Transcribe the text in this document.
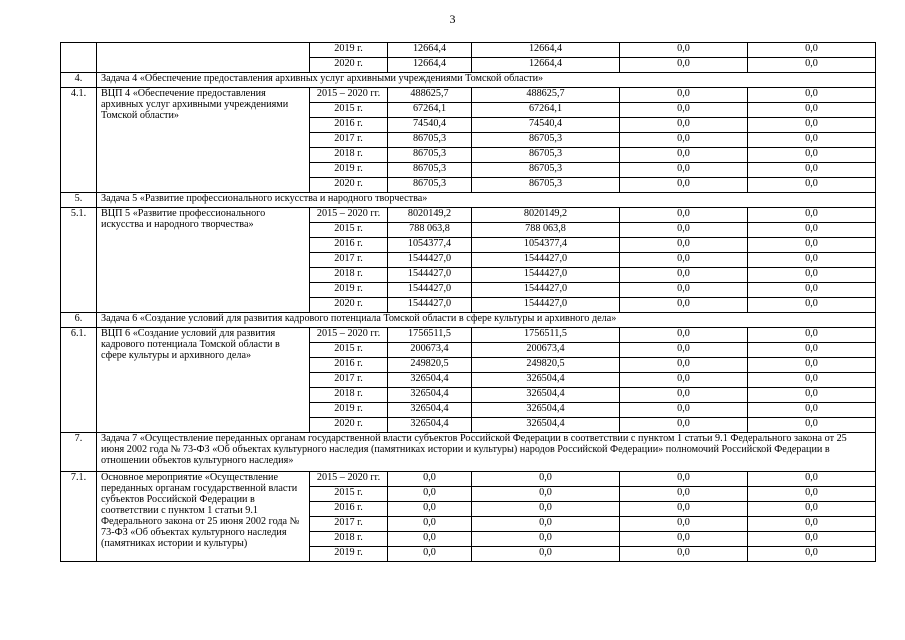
3
		2019 г.	12664,4	12664,4	0,0	0,0
		2020 г.	12664,4	12664,4	0,0	0,0
4.	Задача 4 «Обеспечение предоставления архивных услуг архивными учреждениями Томской области»					
4.1.	ВЦП 4 «Обеспечение предоставления архивных услуг архивными учреждениями Томской области»	2015 – 2020 гг.	488625,7	488625,7	0,0	0,0
		2015 г.	67264,1	67264,1	0,0	0,0
		2016 г.	74540,4	74540,4	0,0	0,0
		2017 г.	86705,3	86705,3	0,0	0,0
		2018 г.	86705,3	86705,3	0,0	0,0
		2019 г.	86705,3	86705,3	0,0	0,0
		2020 г.	86705,3	86705,3	0,0	0,0
5.	Задача 5 «Развитие профессионального искусства и народного творчества»					
5.1.	ВЦП 5 «Развитие профессионального искусства и народного творчества»	2015 – 2020 гг.	8020149,2	8020149,2	0,0	0,0
		2015 г.	788 063,8	788 063,8	0,0	0,0
		2016 г.	1054377,4	1054377,4	0,0	0,0
		2017 г.	1544427,0	1544427,0	0,0	0,0
		2018 г.	1544427,0	1544427,0	0,0	0,0
		2019 г.	1544427,0	1544427,0	0,0	0,0
		2020 г.	1544427,0	1544427,0	0,0	0,0
6.	Задача 6 «Создание условий для развития кадрового потенциала Томской области в сфере культуры и архивного дела»					
6.1.	ВЦП 6 «Создание условий для развития кадрового потенциала Томской области в сфере культуры и архивного дела»	2015 – 2020 гг.	1756511,5	1756511,5	0,0	0,0
		2015 г.	200673,4	200673,4	0,0	0,0
		2016 г.	249820,5	249820,5	0,0	0,0
		2017 г.	326504,4	326504,4	0,0	0,0
		2018 г.	326504,4	326504,4	0,0	0,0
		2019 г.	326504,4	326504,4	0,0	0,0
		2020 г.	326504,4	326504,4	0,0	0,0
7.	Задача 7 «Осуществление переданных органам государственной власти субъектов Российской Федерации в соответствии с пунктом 1 статьи 9.1 Федерального закона от 25 июня 2002 года № 73-ФЗ «Об объектах культурного наследия (памятниках истории и культуры) народов Российской Федерации» полномочий Российской Федерации в отношении объектов культурного наследия»					
7.1.	Основное мероприятие «Осуществление переданных органам государственной власти субъектов Российской Федерации в соответствии с пунктом 1 статьи 9.1 Федерального закона от 25 июня 2002 года № 73-ФЗ «Об объектах культурного наследия (памятниках истории и культуры)	2015 – 2020 гг.	0,0	0,0	0,0	0,0
		2015 г.	0,0	0,0	0,0	0,0
		2016 г.	0,0	0,0	0,0	0,0
		2017 г.	0,0	0,0	0,0	0,0
		2018 г.	0,0	0,0	0,0	0,0
		2019 г.	0,0	0,0	0,0	0,0
